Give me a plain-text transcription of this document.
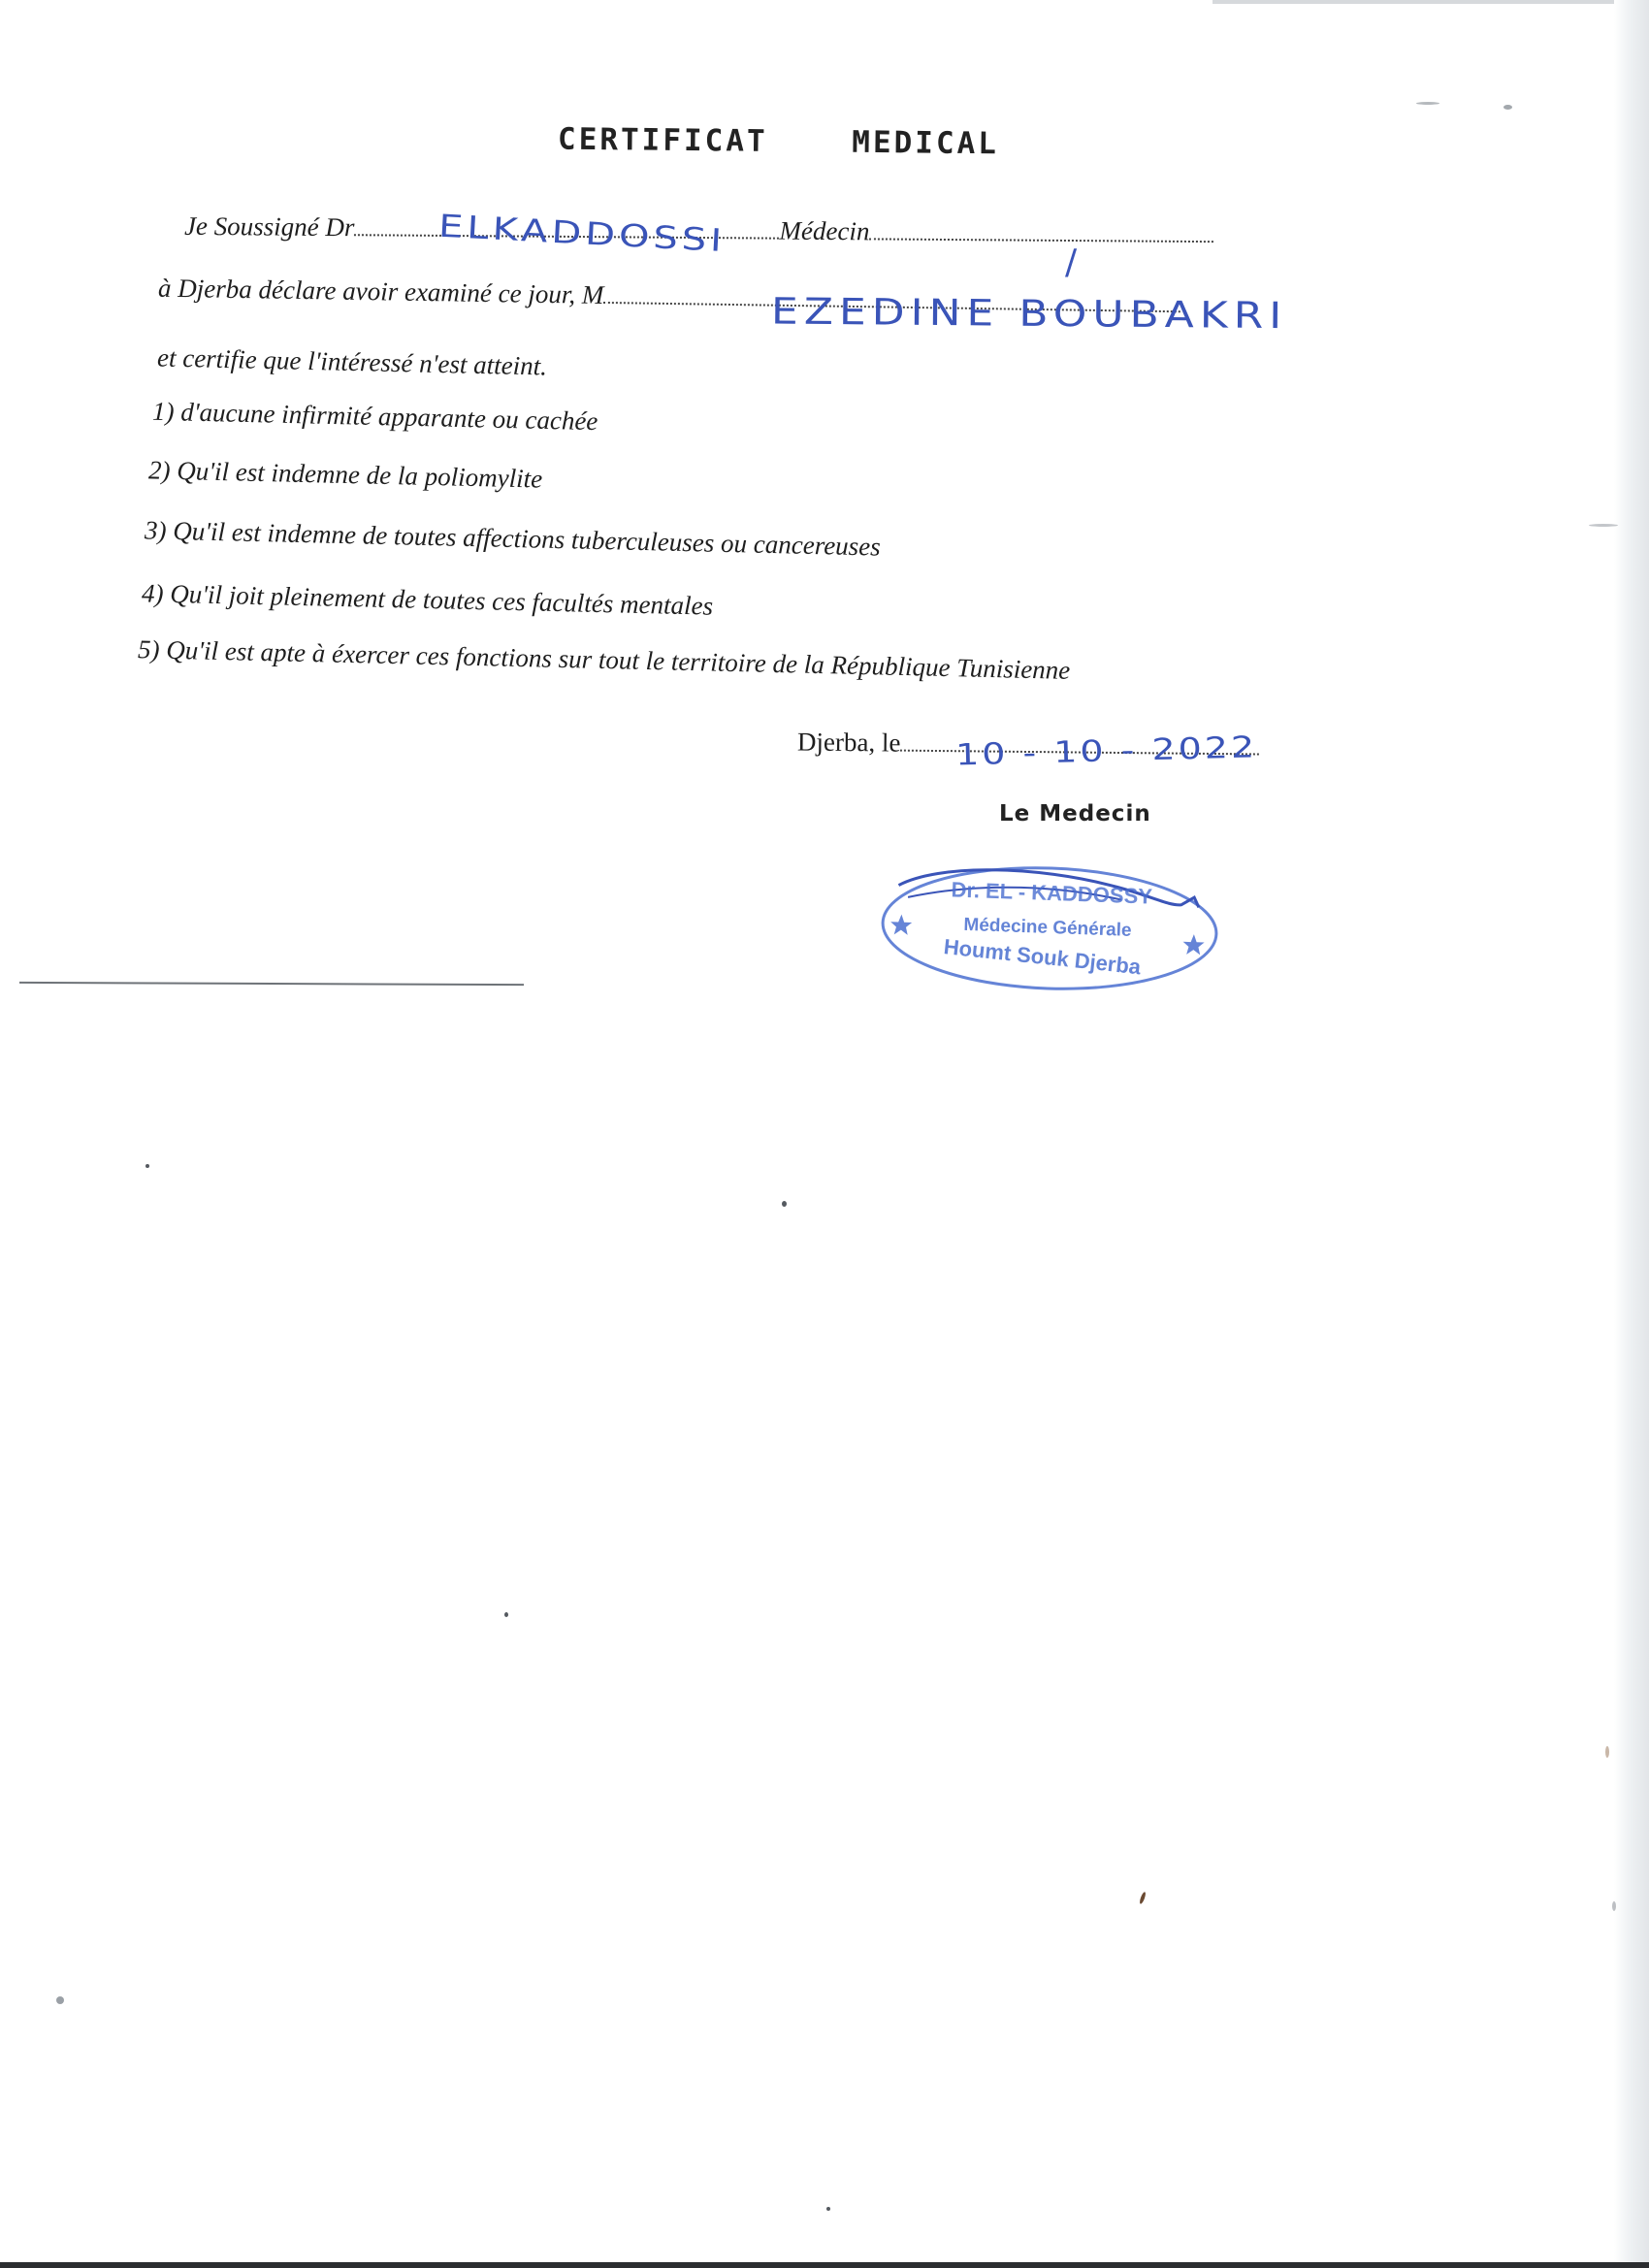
CERTIFICAT    MEDICAL
Je Soussigné Dr	Médecin
ELKADDOSSI
/
à Djerba déclare avoir examiné ce jour, M	EZEDINE BOUBAKRI
et certifie que l'intéressé n'est atteint.
1) d'aucune infirmité apparante ou cachée
2) Qu'il est indemne de la poliomylite
3) Qu'il est indemne de toutes affections tuberculeuses ou cancereuses
4) Qu'il joit pleinement de toutes ces facultés mentales
5) Qu'il est apte à éxercer ces fonctions sur tout le territoire de la République Tunisienne
Djerba, le	10 - 10 - 2022
Le Medecin
Dr. EL - KADDOSSY
Médecine Générale
Houmt Souk Djerba
